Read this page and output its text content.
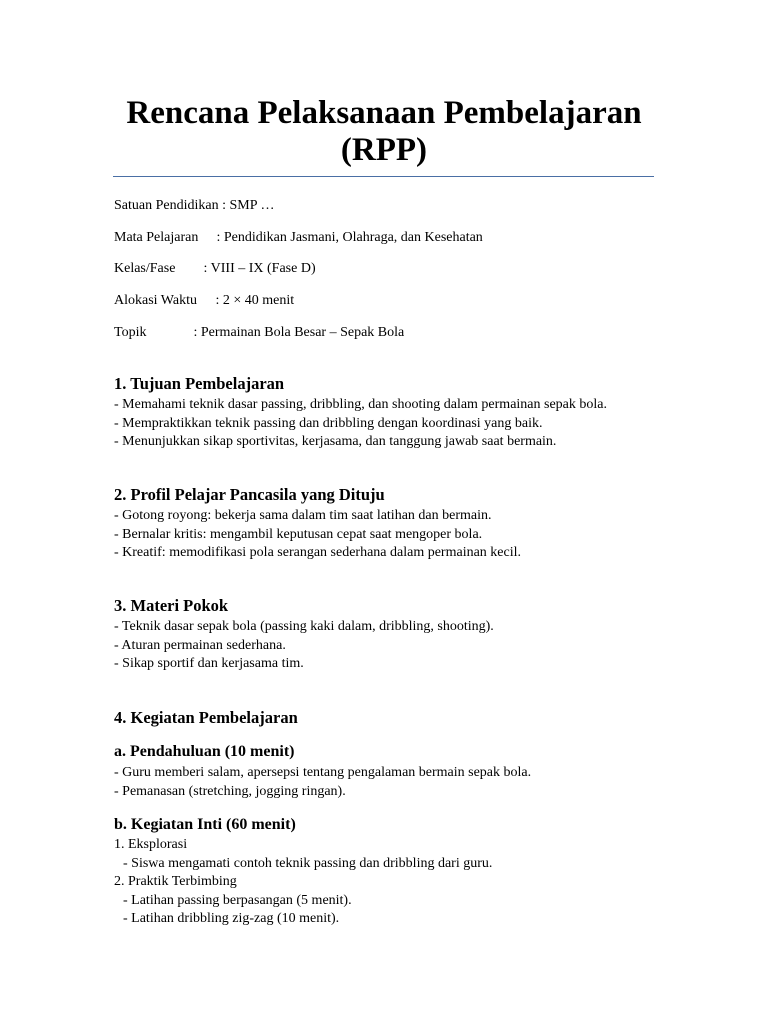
Rencana Pelaksanaan Pembelajaran (RPP)
Satuan Pendidikan : SMP …
Mata Pelajaran : Pendidikan Jasmani, Olahraga, dan Kesehatan
Kelas/Fase : VIII – IX (Fase D)
Alokasi Waktu : 2 × 40 menit
Topik	: Permainan Bola Besar – Sepak Bola
1. Tujuan Pembelajaran
- Memahami teknik dasar passing, dribbling, dan shooting dalam permainan sepak bola.
- Mempraktikkan teknik passing dan dribbling dengan koordinasi yang baik.
- Menunjukkan sikap sportivitas, kerjasama, dan tanggung jawab saat bermain.
2. Profil Pelajar Pancasila yang Dituju
- Gotong royong: bekerja sama dalam tim saat latihan dan bermain.
- Bernalar kritis: mengambil keputusan cepat saat mengoper bola.
- Kreatif: memodifikasi pola serangan sederhana dalam permainan kecil.
3. Materi Pokok
- Teknik dasar sepak bola (passing kaki dalam, dribbling, shooting).
- Aturan permainan sederhana.
- Sikap sportif dan kerjasama tim.
4. Kegiatan Pembelajaran
a. Pendahuluan (10 menit)
- Guru memberi salam, apersepsi tentang pengalaman bermain sepak bola.
- Pemanasan (stretching, jogging ringan).
b. Kegiatan Inti (60 menit)
1. Eksplorasi
- Siswa mengamati contoh teknik passing dan dribbling dari guru.
2. Praktik Terbimbing
- Latihan passing berpasangan (5 menit).
- Latihan dribbling zig-zag (10 menit).
